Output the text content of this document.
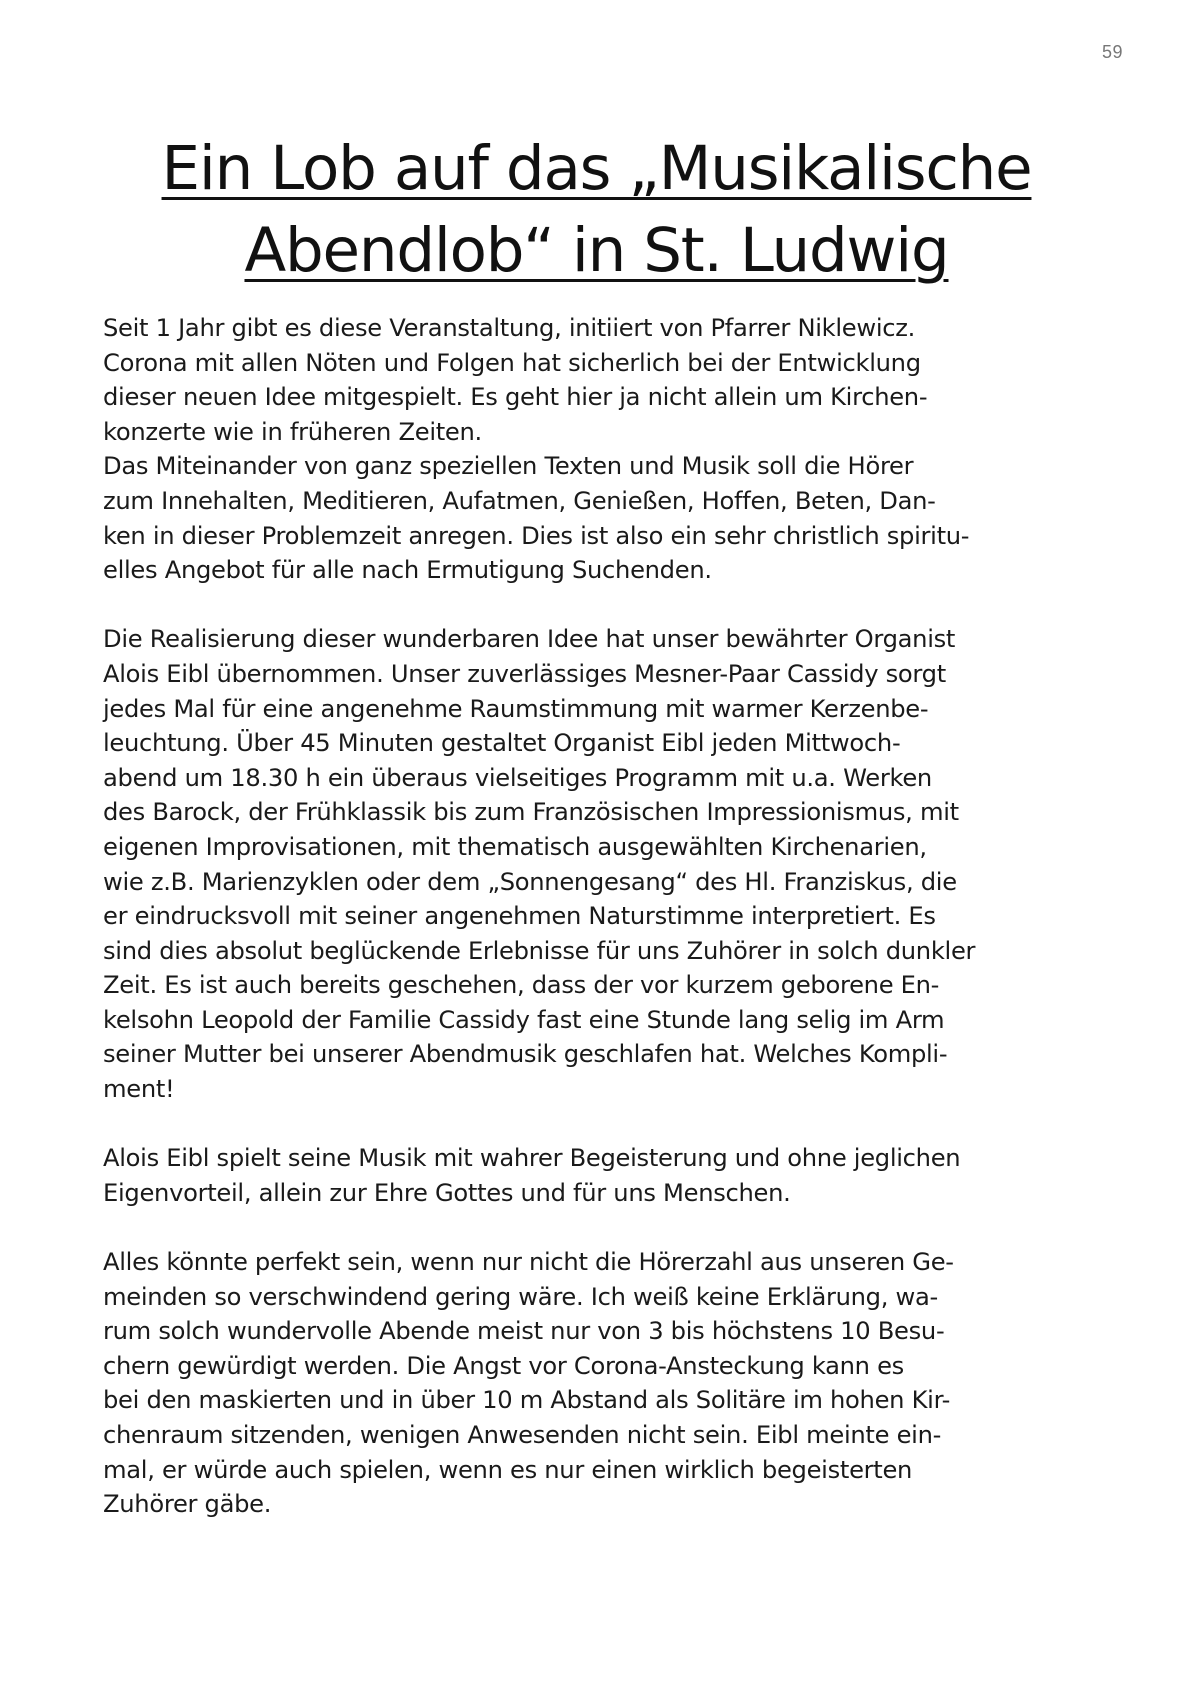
59
Ein Lob auf das „Musikalische
Abendlob“ in St. Ludwig

Seit 1 Jahr gibt es diese Veranstaltung, initiiert von Pfarrer Niklewicz.
Corona mit allen Nöten und Folgen hat sicherlich bei der Entwicklung
dieser neuen Idee mitgespielt. Es geht hier ja nicht allein um Kirchen-
konzerte wie in früheren Zeiten.
Das Miteinander von ganz speziellen Texten und Musik soll die Hörer
zum Innehalten, Meditieren, Aufatmen, Genießen, Hoffen, Beten, Dan-
ken in dieser Problemzeit anregen. Dies ist also ein sehr christlich spiritu-
elles Angebot für alle nach Ermutigung Suchenden.

Die Realisierung dieser wunderbaren Idee hat unser bewährter Organist
Alois Eibl übernommen. Unser zuverlässiges Mesner-Paar Cassidy sorgt
jedes Mal für eine angenehme Raumstimmung mit warmer Kerzenbe-
leuchtung. Über 45 Minuten gestaltet Organist Eibl jeden Mittwoch-
abend um 18.30 h ein überaus vielseitiges Programm mit u.a. Werken
des Barock, der Frühklassik bis zum Französischen Impressionismus, mit
eigenen Improvisationen, mit thematisch ausgewählten Kirchenarien,
wie z.B. Marienzyklen oder dem „Sonnengesang“ des Hl. Franziskus, die
er eindrucksvoll mit seiner angenehmen Naturstimme interpretiert. Es
sind dies absolut beglückende Erlebnisse für uns Zuhörer in solch dunkler
Zeit. Es ist auch bereits geschehen, dass der vor kurzem geborene En-
kelsohn Leopold der Familie Cassidy fast eine Stunde lang selig im Arm
seiner Mutter bei unserer Abendmusik geschlafen hat. Welches Kompli-
ment!

Alois Eibl spielt seine Musik mit wahrer Begeisterung und ohne jeglichen
Eigenvorteil, allein zur Ehre Gottes und für uns Menschen.

Alles könnte perfekt sein, wenn nur nicht die Hörerzahl aus unseren Ge-
meinden so verschwindend gering wäre. Ich weiß keine Erklärung, wa-
rum solch wundervolle Abende meist nur von 3 bis höchstens 10 Besu-
chern gewürdigt werden. Die Angst vor Corona-Ansteckung kann es
bei den maskierten und in über 10 m Abstand als Solitäre im hohen Kir-
chenraum sitzenden, wenigen Anwesenden nicht sein. Eibl meinte ein-
mal, er würde auch spielen, wenn es nur einen wirklich begeisterten
Zuhörer gäbe.
